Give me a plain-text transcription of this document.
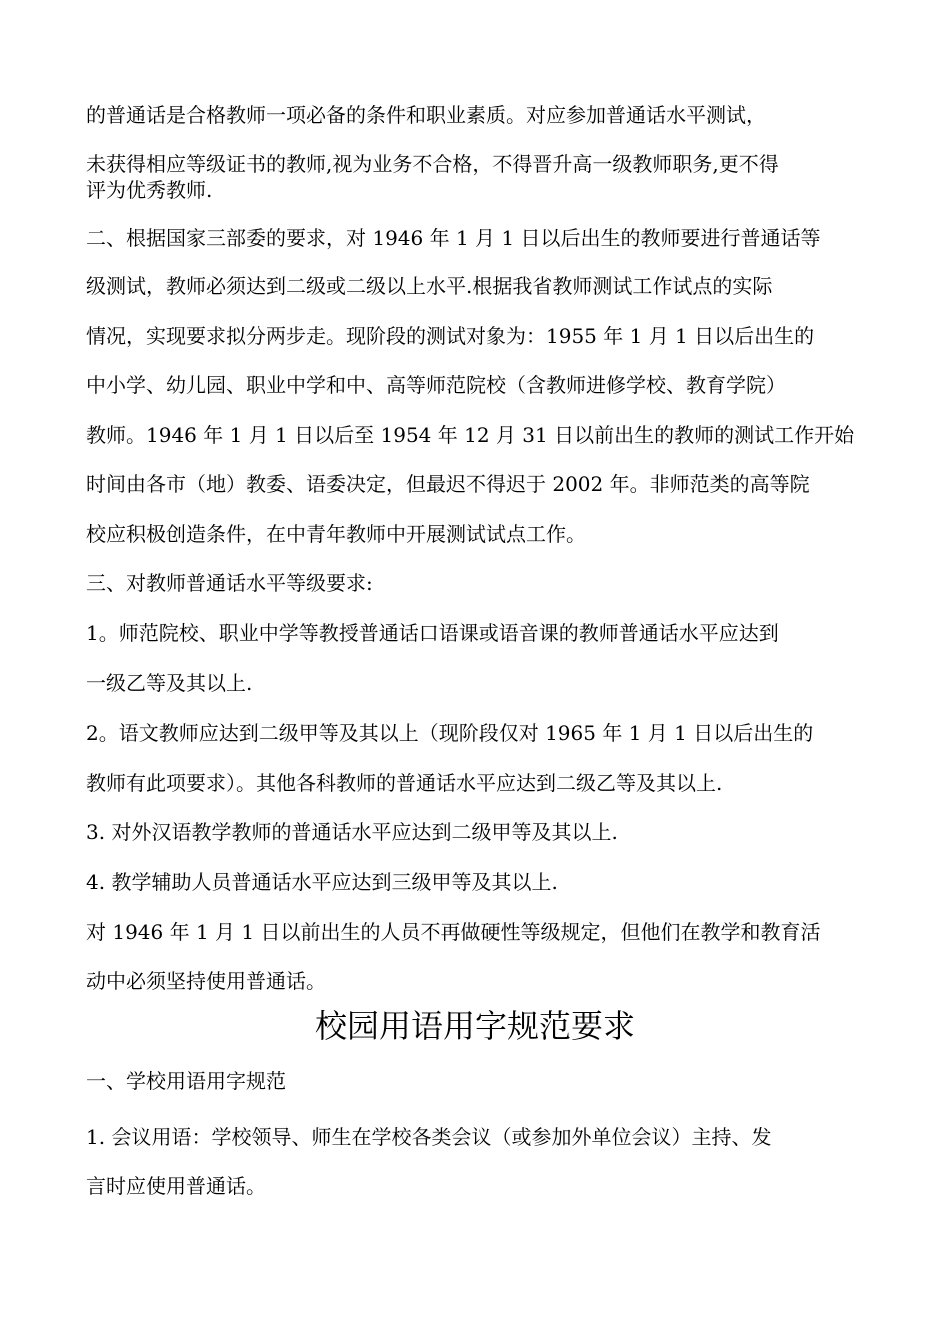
的普通话是合格教师一项必备的条件和职业素质。对应参加普通话水平测试，
未获得相应等级证书的教师,视为业务不合格，不得晋升高一级教师职务,更不得
评为优秀教师.
二、根据国家三部委的要求，对 1946 年 1 月 1 日以后出生的教师要进行普通话等
级测试，教师必须达到二级或二级以上水平.根据我省教师测试工作试点的实际
情况，实现要求拟分两步走。现阶段的测试对象为：1955 年 1 月 1 日以后出生的
中小学、幼儿园、职业中学和中、高等师范院校（含教师进修学校、教育学院）
教师。1946 年 1 月 1 日以后至 1954 年 12 月 31 日以前出生的教师的测试工作开始
时间由各市（地）教委、语委决定，但最迟不得迟于 2002 年。非师范类的高等院
校应积极创造条件，在中青年教师中开展测试试点工作。
三、对教师普通话水平等级要求:
1。师范院校、职业中学等教授普通话口语课或语音课的教师普通话水平应达到
一级乙等及其以上.
2。语文教师应达到二级甲等及其以上（现阶段仅对 1965 年 1 月 1 日以后出生的
教师有此项要求）。其他各科教师的普通话水平应达到二级乙等及其以上.
3. 对外汉语教学教师的普通话水平应达到二级甲等及其以上.
4. 教学辅助人员普通话水平应达到三级甲等及其以上.
对 1946 年 1 月 1 日以前出生的人员不再做硬性等级规定，但他们在教学和教育活
动中必须坚持使用普通话。
校园用语用字规范要求
一、学校用语用字规范
1. 会议用语：学校领导、师生在学校各类会议（或参加外单位会议）主持、发
言时应使用普通话。
